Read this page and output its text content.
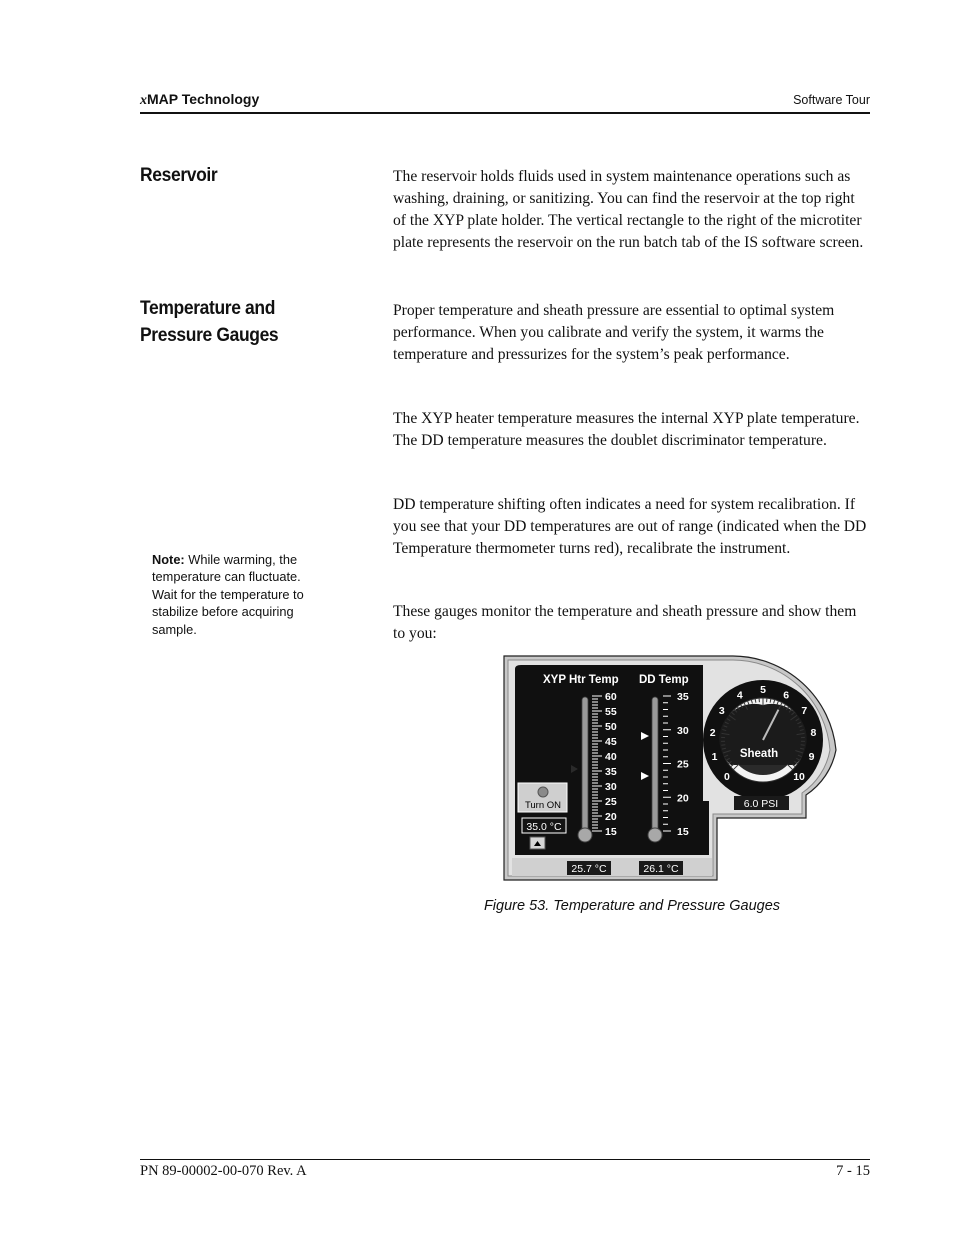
xMAP Technology	Software Tour
Reservoir	The reservoir holds fluids used in system maintenance operations such as washing, draining, or sanitizing. You can find the reservoir at the top right of the XYP plate holder. The vertical rectangle to the right of the microtiter plate represents the reservoir on the run batch tab of the IS software screen.

Temperature and
Pressure Gauges

Proper temperature and sheath pressure are essential to optimal system performance. When you calibrate and verify the system, it warms the temperature and pressurizes for the system’s peak performance.

The XYP heater temperature measures the internal XYP plate temperature. The DD temperature measures the doublet discriminator temperature.

DD temperature shifting often indicates a need for system recalibration. If you see that your DD temperatures are out of range (indicated when the DD Temperature thermometer turns red), recalibrate the instrument.

These gauges monitor the temperature and sheath pressure and show them to you:

Note: While warming, the temperature can fluctuate. Wait for the temperature to stabilize before acquiring sample.
XYP Htr Temp DD Temp
60
55
50
45
40
35
30
25
20
15
35
30
25
20
15
Turn ON
35.0 °C
25.7 °C	26.1 °C
0
1
2
3
4 5 6
7
8
9
10
Sheath
6.0 PSI
Figure 53. Temperature and Pressure Gauges
PN 89-00002-00-070 Rev. A	7 - 15
